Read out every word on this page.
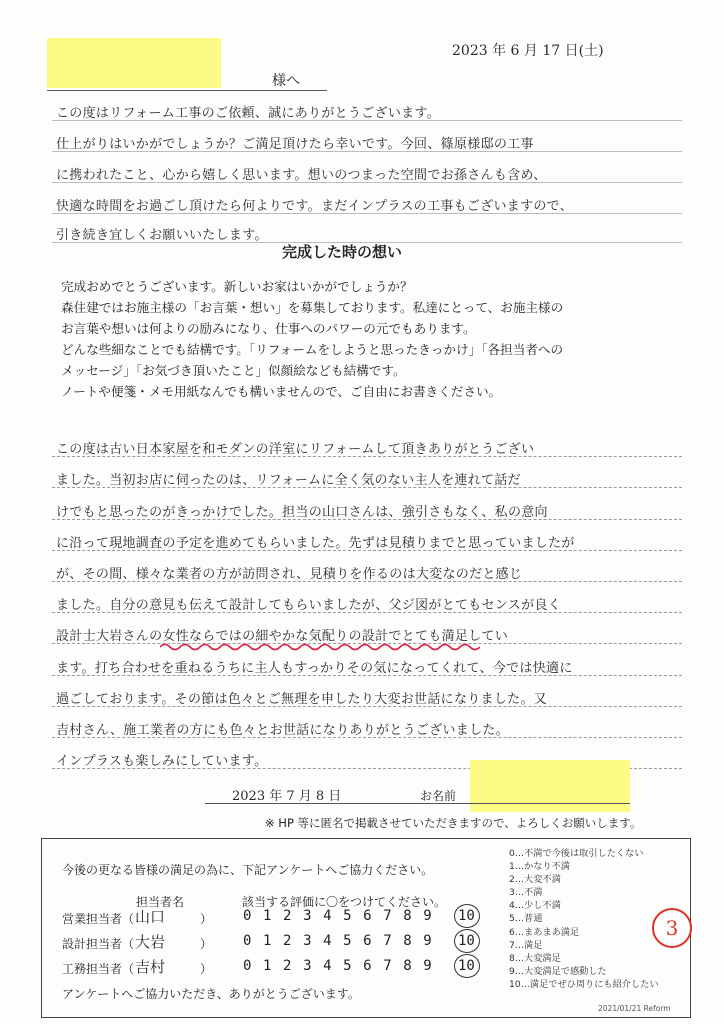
2023 年 6 月 17 日(土)
様へ
この度はリフォーム工事のご依頼、誠にありがとうございます。
仕上がりはいかがでしょうか？ご満足頂けたら幸いです。今回、篠原様邸の工事
に携われたこと、心から嬉しく思います。想いのつまった空間でお孫さんも含め、
快適な時間をお過ごし頂けたら何よりです。まだインプラスの工事もございますので、
引き続き宜しくお願いいたします。
完成した時の想い
完成おめでとうございます。新しいお家はいかがでしょうか？
森住建ではお施主様の「お言葉・想い」を募集しております。私達にとって、お施主様の
お言葉や想いは何よりの励みになり、仕事へのパワーの元でもあります。
どんな些細なことでも結構です。「リフォームをしようと思ったきっかけ」「各担当者への
メッセージ」「お気づき頂いたこと」似顔絵なども結構です。
ノートや便箋・メモ用紙なんでも構いませんので、ご自由にお書きください。
この度は古い日本家屋を和モダンの洋室にリフォームして頂きありがとうござい
ました。当初お店に伺ったのは、リフォームに全く気のない主人を連れて話だ
けでもと思ったのがきっかけでした。担当の山口さんは、強引さもなく、私の意向
に沿って現地調査の予定を進めてもらいました。先ずは見積りまでと思っていましたが
が、その間、様々な業者の方が訪問され、見積りを作るのは大変なのだと感じ
ました。自分の意見も伝えて設計してもらいましたが、父ジ図がとてもセンスが良く
設計士大岩さんの女性ならではの細やかな気配りの設計でとても満足してい
ます。打ち合わせを重ねるうちに主人もすっかりその気になってくれて、今では快適に
過ごしております。その節は色々とご無理を申したり大変お世話になりました。又
吉村さん、施工業者の方にも色々とお世話になりありがとうございました。
インプラスも楽しみにしています。
2023 年 7 月 8 日	お名前
※ HP 等に匿名で掲載させていただきますので、よろしくお願いします。
今後の更なる皆様の満足の為に、下記アンケートへご協力ください。
担当者名	該当する評価に〇をつけてください。
営業担当者（ 山口	） 0123456789 10
設計担当者（ 大岩	） 0123456789 10
工務担当者（ 吉村	） 0123456789 10
アンケートへご協力いただき、ありがとうございます。
0…不満で今後は取引したくない
1…かなり不満
2…大変不満
3…不満
4…少し不満
5…普通
6…まあまあ満足
7…満足
8…大変満足
9…大変満足で感動した
10…満足でぜひ周りにも紹介したい
3
2021/01/21 Reform
